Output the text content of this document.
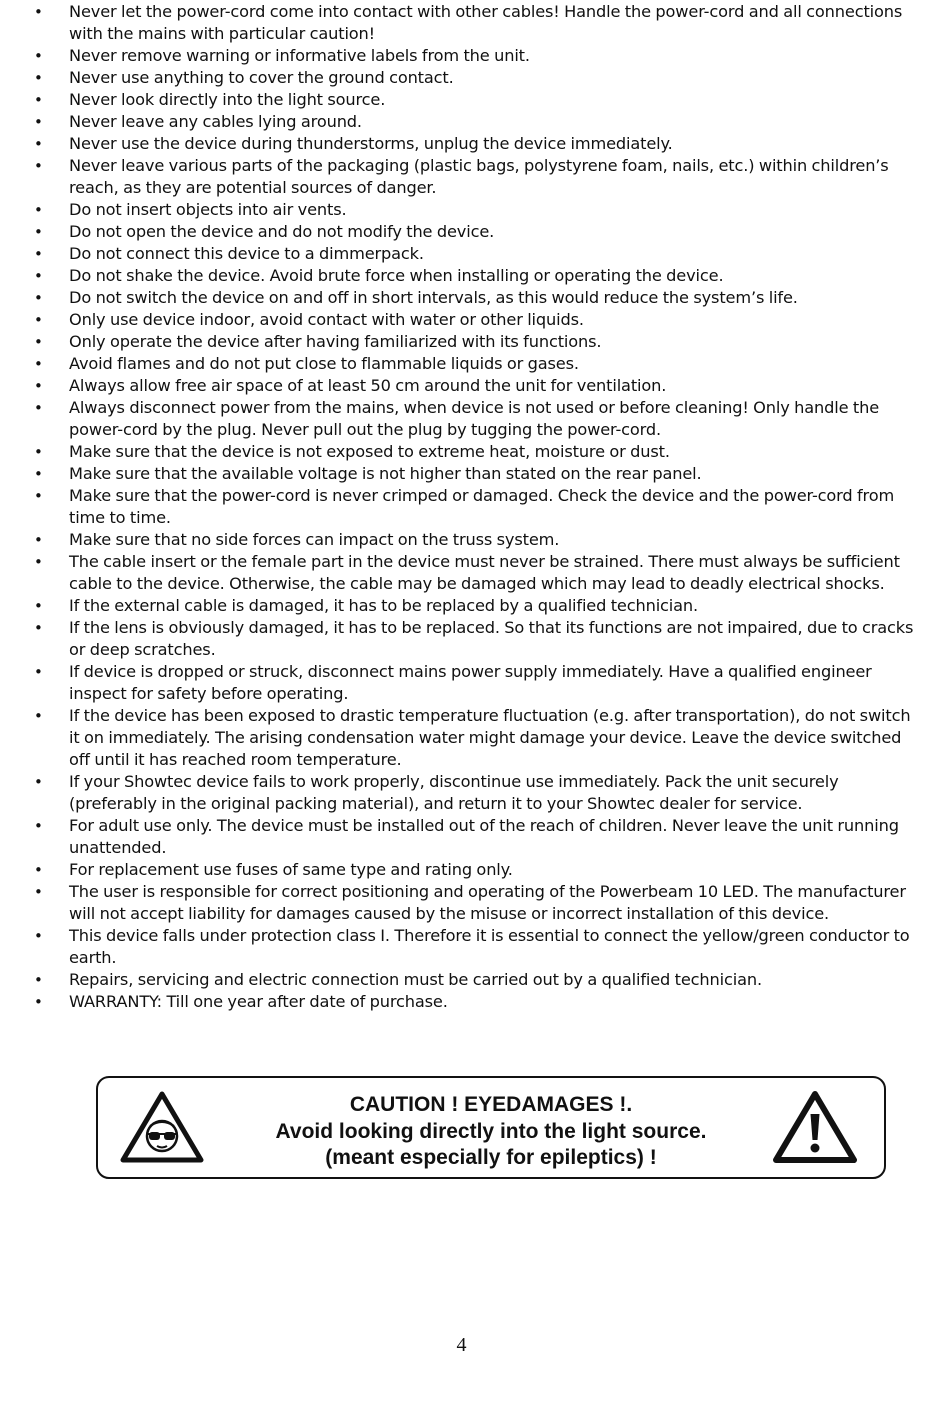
• Never let the power-cord come into contact with other cables! Handle the power-cord and all connections with the mains with particular caution!
• Never remove warning or informative labels from the unit.
• Never use anything to cover the ground contact.
• Never look directly into the light source.
• Never leave any cables lying around.
• Never use the device during thunderstorms, unplug the device immediately.
• Never leave various parts of the packaging (plastic bags, polystyrene foam, nails, etc.) within children’s reach, as they are potential sources of danger.
• Do not insert objects into air vents.
• Do not open the device and do not modify the device.
• Do not connect this device to a dimmerpack.
• Do not shake the device. Avoid brute force when installing or operating the device.
• Do not switch the device on and off in short intervals, as this would reduce the system’s life.
• Only use device indoor, avoid contact with water or other liquids.
• Only operate the device after having familiarized with its functions.
• Avoid flames and do not put close to flammable liquids or gases.
• Always allow free air space of at least 50 cm around the unit for ventilation.
• Always disconnect power from the mains, when device is not used or before cleaning! Only handle the power-cord by the plug. Never pull out the plug by tugging the power-cord.
• Make sure that the device is not exposed to extreme heat, moisture or dust.
• Make sure that the available voltage is not higher than stated on the rear panel.
• Make sure that the power-cord is never crimped or damaged. Check the device and the power-cord from time to time.
• Make sure that no side forces can impact on the truss system.
• The cable insert or the female part in the device must never be strained. There must always be sufficient cable to the device. Otherwise, the cable may be damaged which may lead to deadly electrical shocks.
• If the external cable is damaged, it has to be replaced by a qualified technician.
• If the lens is obviously damaged, it has to be replaced. So that its functions are not impaired, due to cracks or deep scratches.
• If device is dropped or struck, disconnect mains power supply immediately. Have a qualified engineer inspect for safety before operating.
• If the device has been exposed to drastic temperature fluctuation (e.g. after transportation), do not switch it on immediately. The arising condensation water might damage your device. Leave the device switched off until it has reached room temperature.
• If your Showtec device fails to work properly, discontinue use immediately. Pack the unit securely (preferably in the original packing material), and return it to your Showtec dealer for service.
• For adult use only. The device must be installed out of the reach of children. Never leave the unit running unattended.
• For replacement use fuses of same type and rating only.
• The user is responsible for correct positioning and operating of the Powerbeam 10 LED. The manufacturer will not accept liability for damages caused by the misuse or incorrect installation of this device.
• This device falls under protection class I. Therefore it is essential to connect the yellow/green conductor to earth.
• Repairs, servicing and electric connection must be carried out by a qualified technician.
• WARRANTY: Till one year after date of purchase.
CAUTION ! EYEDAMAGES !.
Avoid looking directly into the light source.
(meant especially for epileptics) !
4
